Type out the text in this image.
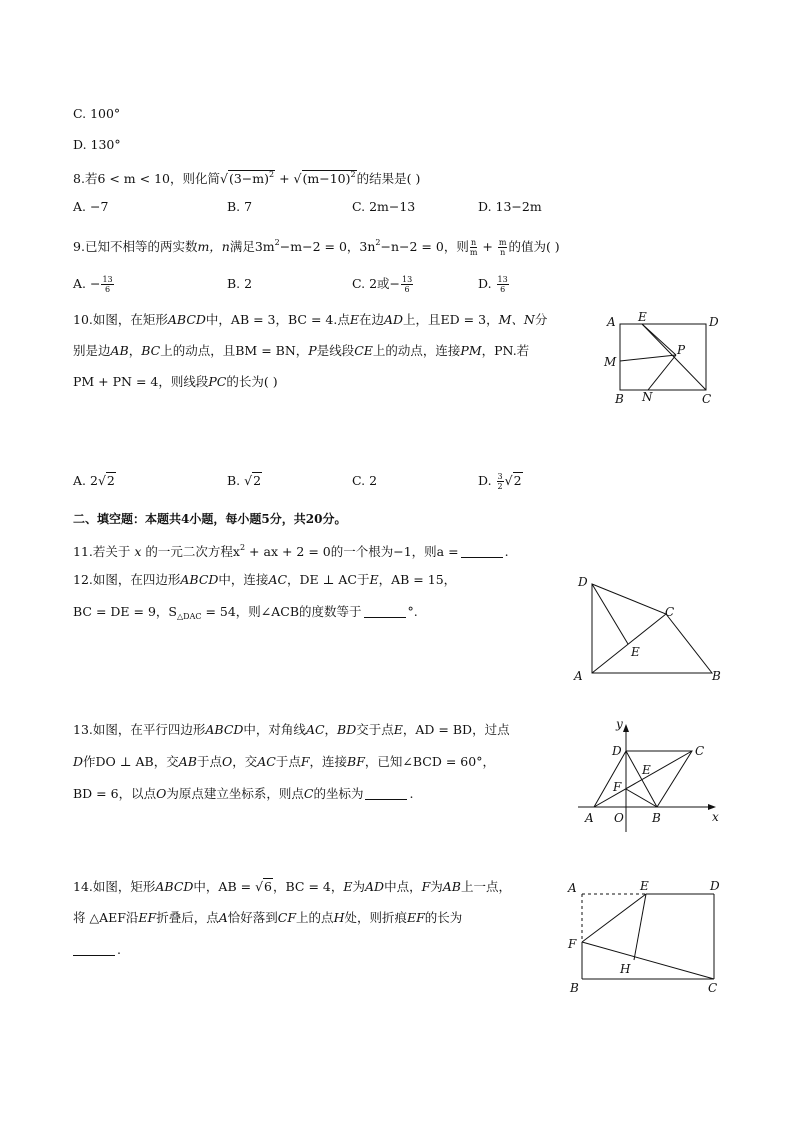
C. 100°
D. 130°
8.若6 < m < 10，则化简$√(3-m)^2 + √(m-10)^2$的结果是( )
A. −7	B. 7	C. 2m−13	D. 13−2m
9.已知不相等的两实数m，n满足$3m^2-m-2 = 0$，$3n^2-n-2 = 0$，则 $\frac{n}{m} + \frac{m}{n}$ 的值为( )
A. − $\frac{13}{6}$	B. 2	C. 2或− $\frac{13}{6}$	D. $\frac{13}{6}$
10.如图，在矩形ABCD中，AB = 3，BC = 4.点E在边AD上，且ED = 3，M、N分
别是边AB，BC上的动点，且BM = BN，P是线段CE上的动点，连接PM，PN.若
PM + PN = 4，则线段PC的长为( )
A E	D
M
P
B N	C
A. 2√2	B. √2	C. 2	D. $\frac{3}{2} √2$
二、填空题：本题共4小题，每小题5分，共20分。
11.若关于 x 的一元二次方程$x^2$ + ax + 2 = 0的一个根为−1，则a =	.
12.如图，在四边形ABCD中，连接AC，DE ⊥ AC于E，AB = 15，
BC = DE = 9，$S_{\triangle DAC} = 54$，则∠ACB的度数等于	°.
D
C
E
A	B
13.如图，在平行四边形ABCD中，对角线AC，BD交于点E，AD = BD，过点
D作DO ⊥ AB，交AB于点O，交AC于点F，连接BF，已知∠BCD = 60°，
BD = 6，以点O为原点建立坐标系，则点C的坐标为	.
y
x
D	C
E
F
A O B
14.如图，矩形ABCD中，AB = √6，BC = 4，E为AD中点，F为AB上一点，
将 △AEF沿EF折叠后，点A恰好落到CF上的点H处，则折痕EF的长为
.
A	E	D
F
H
B	C
